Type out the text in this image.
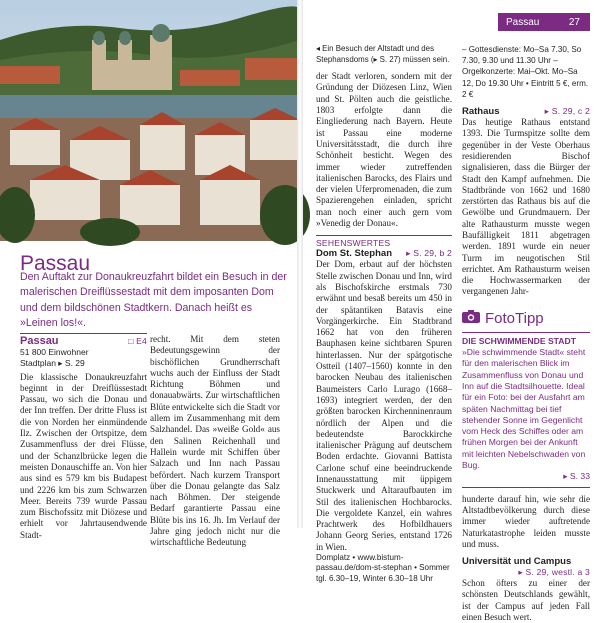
Passau
Den Auftakt zur Donaukreuzfahrt bildet ein Besuch in der malerischen Dreiflüssestadt mit dem imposanten Dom und dem bildschönen Stadtkern. Danach heißt es »Leinen los!«.
Passau	□ E4
51 800 Einwohner
Stadtplan ▸ S. 29

Die klassische Donaukreuzfahrt beginnt in der Dreiflüssestadt Passau, wo sich die Donau und der Inn treffen. Der dritte Fluss ist die von Norden her einmündende Ilz. Zwischen der Ortspitze, dem Zusammenfluss der drei Flüsse, und der Schanzlbrücke legen die meisten Donauschiffe an. Von hier aus sind es 579 km bis Budapest und 2226 km bis zum Schwarzen Meer. Bereits 739 wurde Passau zum Bischofssitz mit Diözese und erhielt vor Jahrtausendwende Stadt-

recht. Mit dem steten Bedeutungsgewinn der bischöflichen Grundherrschaft wuchs auch der Einfluss der Stadt Richtung Böhmen und donauabwärts. Zur wirtschaftlichen Blüte entwickelte sich die Stadt vor allem im Zusammenhang mit dem Salzhandel. Das »weiße Gold« aus den Salinen Reichenhall und Hallein wurde mit Schiffen über Salzach und Inn nach Passau befördert. Nach kurzem Transport über die Donau gelangte das Salz nach Böhmen. Der steigende Bedarf garantierte Passau eine Blüte bis ins 16. Jh. Im Verlauf der Jahre ging jedoch nicht nur die wirtschaftliche Bedeutung
Passau	27
◂ Ein Besuch der Altstadt und des Stephansdoms (▸ S. 27) müssen sein.

der Stadt verloren, sondern mit der Gründung der Diözesen Linz, Wien und St. Pölten auch die geistliche. 1803 erfolgte dann die Eingliederung nach Bayern. Heute ist Passau eine moderne Universitätsstadt, die durch ihre Schönheit besticht. Wegen des immer wieder zutreffenden italienischen Barocks, des Flairs und der vielen Uferpromenaden, die zum Spazierengehen einladen, spricht man noch einer auch gern vom »Venedig der Donau«.

SEHENSWERTES
Dom St. Stephan ▸ S. 29, b 2

Der Dom, erbaut auf der höchsten Stelle zwischen Donau und Inn, wird als Bischofskirche erstmals 730 erwähnt und besaß bereits um 450 in der spätantiken Batavis eine Vorgängerkirche. Ein Stadtbrand 1662 hat von den früheren Bauphasen keine sichtbaren Spuren hinterlassen. Nur der spätgotische Ostteil (1407–1560) konnte in den barocken Neubau des italienischen Baumeisters Carlo Lurago (1668–1693) integriert werden, der den größten barocken Kirchenninenraum nördlich der Alpen und die bedeutendste Barockkirche italienischer Prägung auf deutschem Boden erdachte. Giovanni Battista Carlone schuf eine beeindruckende Innenausstattung mit üppigem Stuckwerk und Altaraufbauten im Stil des italienischen Hochbarocks. Die vergoldete Kanzel, ein wahres Prachtwerk des Hofbildhauers Johann Georg Series, entstand 1726 in Wien.

Domplatz • www.bistum-passau.de/dom-st-stephan • Sommer tgl. 6.30–19, Winter 6.30–18 Uhr
– Gottesdienste: Mo–Sa 7.30, So 7.30, 9.30 und 11.30 Uhr – Orgelkonzerte: Mai–Okt. Mo–Sa 12, Do 19.30 Uhr • Eintritt 5 €, erm. 2 €
Rathaus	▸ S. 29, c 2

Das heutige Rathaus entstand 1393. Die Turmspitze sollte dem gegenüber in der Veste Oberhaus residierenden Bischof signalisieren, dass die Bürger der Stadt den Kampf aufnehmen. Die Stadtbrände von 1662 und 1680 zerstörten das Rathaus bis auf die Gewölbe und Grundmauern. Der alte Rathausturm musste wegen Baufälligkeit 1811 abgetragen werden. 1891 wurde ein neuer Turm im neugotischen Stil errichtet. Am Rathausturm weisen die Hochwassermarken der vergangenen Jahr-

FotoTipp
DIE SCHWIMMENDE STADT
»Die schwimmende Stadt« steht für den malerischen Blick im Zusammenfluss von Donau und Inn auf die Stadtsilhouette. Ideal für ein Foto: bei der Ausfahrt am späten Nachmittag bei tief stehender Sonne im Gegenlicht vom Heck des Schiffes oder am frühen Morgen bei der Ankunft mit leichten Nebelschwaden von Bug.
▸ S. 33

hunderte darauf hin, wie sehr die Altstadtbevölkerung durch diese immer wieder auftretende Naturkatastrophe leiden musste und muss.

Universität und Campus
▸ S. 29, westl. a 3

Schon öfters zu einer der schönsten Deutschlands gewählt, ist der Campus auf jeden Fall einen Besuch wert.
